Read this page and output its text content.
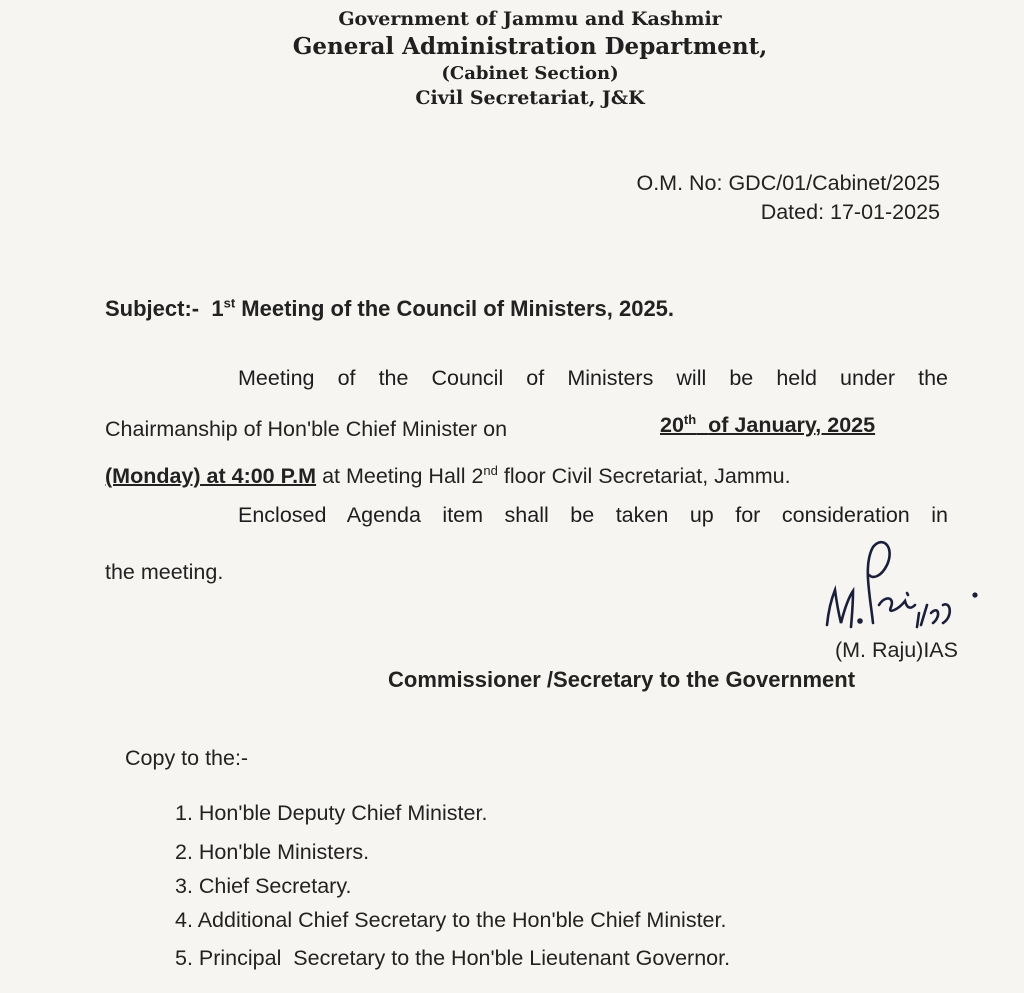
Government of Jammu and Kashmir
General Administration Department,
(Cabinet Section)
Civil Secretariat, J&K
O.M. No: GDC/01/Cabinet/2025
Dated: 17-01-2025
Subject:- 1st Meeting of the Council of Ministers, 2025.
Meeting of the Council of Ministers will be held under the
Chairmanship of Hon'ble Chief Minister on	20th of January, 2025
(Monday) at 4:00 P.M at Meeting Hall 2nd floor Civil Secretariat, Jammu.
Enclosed Agenda item shall be taken up for consideration in
the meeting.
(M. Raju)IAS
Commissioner /Secretary to the Government
Copy to the:-
1. Hon'ble Deputy Chief Minister.
2. Hon'ble Ministers.
3. Chief Secretary.
4. Additional Chief Secretary to the Hon'ble Chief Minister.
5. Principal  Secretary to the Hon'ble Lieutenant Governor.
